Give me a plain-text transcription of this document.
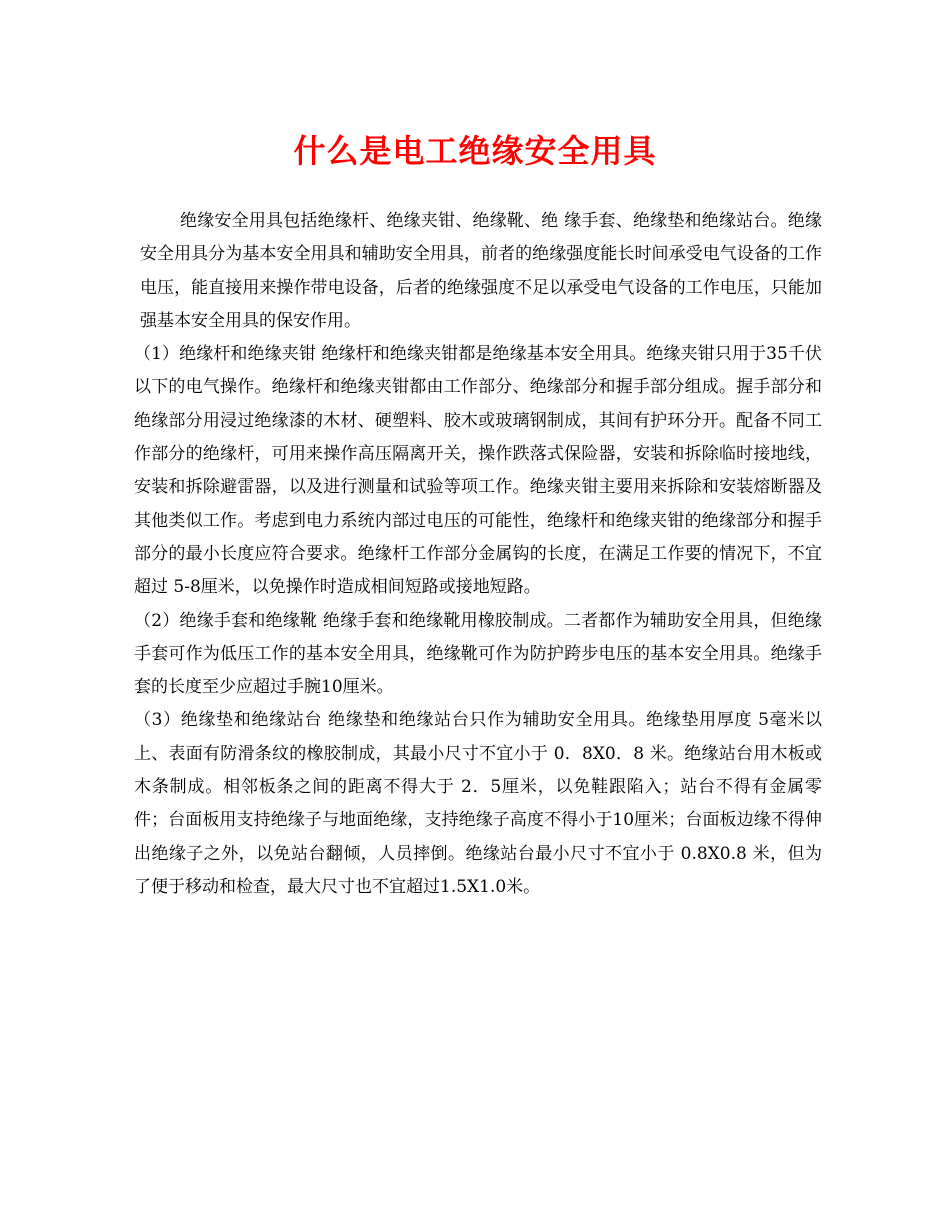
什么是电工绝缘安全用具

绝缘安全用具包括绝缘杆、绝缘夹钳、绝缘靴、绝 缘手套、绝缘垫和绝缘站台。绝缘安全用具分为基本安全用具和辅助安全用具，前者的绝缘强度能长时间承受电气设备的工作电压，能直接用来操作带电设备，后者的绝缘强度不足以承受电气设备的工作电压，只能加强基本安全用具的保安作用。

（1）绝缘杆和绝缘夹钳 绝缘杆和绝缘夹钳都是绝缘基本安全用具。绝缘夹钳只用于35千伏以下的电气操作。绝缘杆和绝缘夹钳都由工作部分、绝缘部分和握手部分组成。握手部分和绝缘部分用浸过绝缘漆的木材、硬塑料、胶木或玻璃钢制成，其间有护环分开。配备不同工作部分的绝缘杆，可用来操作高压隔离开关，操作跌落式保险器，安装和拆除临时接地线，安装和拆除避雷器，以及进行测量和试验等项工作。绝缘夹钳主要用来拆除和安装熔断器及其他类似工作。考虑到电力系统内部过电压的可能性，绝缘杆和绝缘夹钳的绝缘部分和握手部分的最小长度应符合要求。绝缘杆工作部分金属钩的长度，在满足工作要的情况下，不宜超过 5-8厘米，以免操作时造成相间短路或接地短路。

（2）绝缘手套和绝缘靴 绝缘手套和绝缘靴用橡胶制成。二者都作为辅助安全用具，但绝缘手套可作为低压工作的基本安全用具，绝缘靴可作为防护跨步电压的基本安全用具。绝缘手套的长度至少应超过手腕10厘米。

（3）绝缘垫和绝缘站台 绝缘垫和绝缘站台只作为辅助安全用具。绝缘垫用厚度 5毫米以上、表面有防滑条纹的橡胶制成，其最小尺寸不宜小于 0．8X0．8 米。绝缘站台用木板或木条制成。相邻板条之间的距离不得大于 2．5厘米，以免鞋跟陷入；站台不得有金属零件；台面板用支持绝缘子与地面绝缘，支持绝缘子高度不得小于10厘米；台面板边缘不得伸出绝缘子之外，以免站台翻倾，人员摔倒。绝缘站台最小尺寸不宜小于 0.8X0.8 米，但为了便于移动和检查，最大尺寸也不宜超过1.5X1.0米。
